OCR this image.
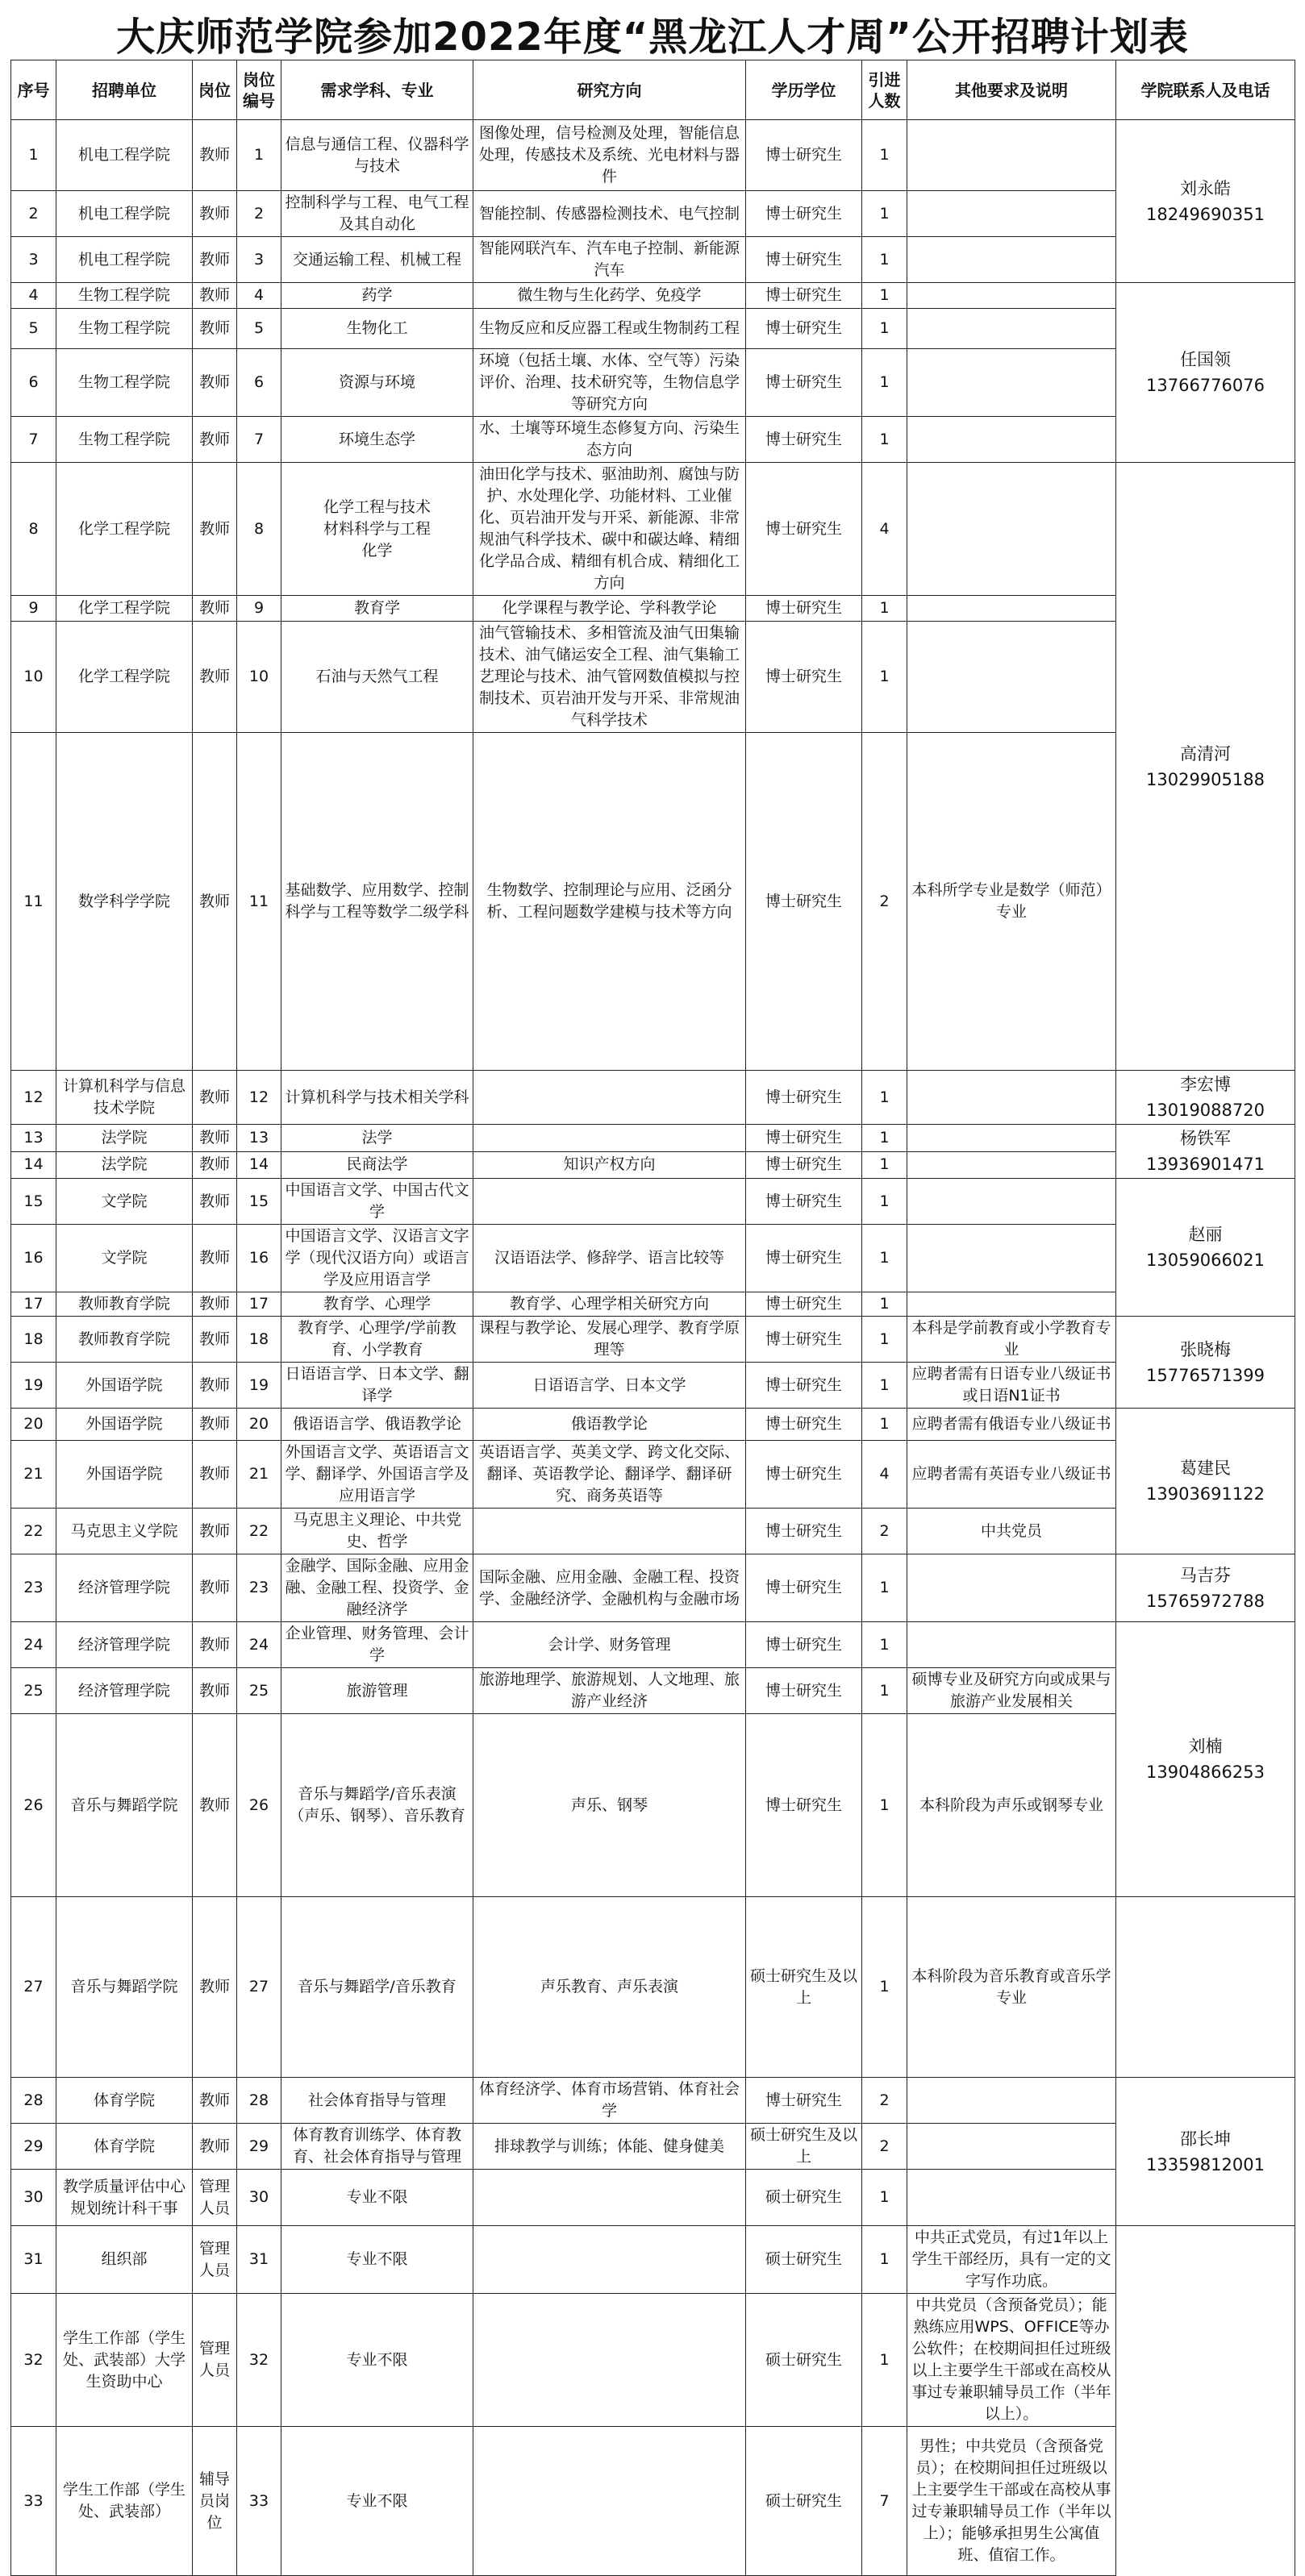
大庆师范学院参加2022年度“黑龙江人才周”公开招聘计划表
序号	招聘单位	岗位	岗位编号	需求学科、专业	研究方向	学历学位	引进人数	其他要求及说明	学院联系人及电话	
1	机电工程学院	教师	1	信息与通信工程、仪器科学与技术	图像处理，信号检测及处理，智能信息处理，传感技术及系统、光电材料与器件	博士研究生	1		刘永皓
18249690351	

2	机电工程学院	教师	2	控制科学与工程、电气工程及其自动化	智能控制、传感器检测技术、电气控制	博士研究生	1			
3	机电工程学院	教师	3	交通运输工程、机械工程	智能网联汽车、汽车电子控制、新能源汽车	博士研究生	1			
4	生物工程学院	教师	4	药学	微生物与生化药学、免疫学	博士研究生	1		任国领
13766776076	

5	生物工程学院	教师	5	生物化工	生物反应和反应器工程或生物制药工程	博士研究生	1			
6	生物工程学院	教师	6	资源与环境	环境（包括土壤、水体、空气等）污染评价、治理、技术研究等，生物信息学等研究方向	博士研究生	1			
7	生物工程学院	教师	7	环境生态学	水、土壤等环境生态修复方向、污染生态方向	博士研究生	1			
8	化学工程学院	教师	8	化学工程与技术
材料科学与工程
化学	油田化学与技术、驱油助剂、腐蚀与防护、水处理化学、功能材料、工业催化、页岩油开发与开采、新能源、非常规油气科学技术、碳中和碳达峰、精细化学品合成、精细有机合成、精细化工方向	博士研究生	4		高清河
13029905188	

9	化学工程学院	教师	9	教育学	化学课程与教学论、学科教学论	博士研究生	1			
10	化学工程学院	教师	10	石油与天然气工程	油气管输技术、多相管流及油气田集输技术、油气储运安全工程、油气集输工艺理论与技术、油气管网数值模拟与控制技术、页岩油开发与开采、非常规油气科学技术	博士研究生	1			
11	数学科学学院	教师	11	基础数学、应用数学、控制科学与工程等数学二级学科	生物数学、控制理论与应用、泛函分析、工程问题数学建模与技术等方向	博士研究生	2	本科所学专业是数学（师范）专业	

12	计算机科学与信息技术学院	教师	12	计算机科学与技术相关学科		博士研究生	1		李宏博
13019088720	

13	法学院	教师	13	法学		博士研究生	1		杨铁军
13936901471	

14	法学院	教师	14	民商法学	知识产权方向	博士研究生	1			
15	文学院	教师	15	中国语言文学、中国古代文学		博士研究生	1		赵丽
13059066021	

16	文学院	教师	16	中国语言文学、汉语言文字学（现代汉语方向）或语言学及应用语言学	汉语语法学、修辞学、语言比较等	博士研究生	1			
17	教师教育学院	教师	17	教育学、心理学	教育学、心理学相关研究方向	博士研究生	1			
18	教师教育学院	教师	18	教育学、心理学/学前教育、小学教育	课程与教学论、发展心理学、教育学原理等	博士研究生	1	本科是学前教育或小学教育专业	张晓梅
15776571399	

19	外国语学院	教师	19	日语语言学、日本文学、翻译学	日语语言学、日本文学	博士研究生	1	应聘者需有日语专业八级证书或日语N1证书		
20	外国语学院	教师	20	俄语语言学、俄语教学论	俄语教学论	博士研究生	1	应聘者需有俄语专业八级证书	葛建民
13903691122	

21	外国语学院	教师	21	外国语言文学、英语语言文学、翻译学、外国语言学及应用语言学	英语语言学、英美文学、跨文化交际、翻译、英语教学论、翻译学、翻译研究、商务英语等	博士研究生	4	应聘者需有英语专业八级证书		
22	马克思主义学院	教师	22	马克思主义理论、中共党史、哲学		博士研究生	2	中共党员		
23	经济管理学院	教师	23	金融学、国际金融、应用金融、金融工程、投资学、金融经济学	国际金融、应用金融、金融工程、投资学、金融经济学、金融机构与金融市场	博士研究生	1		马吉芬
15765972788	

24	经济管理学院	教师	24	企业管理、财务管理、会计学	会计学、财务管理	博士研究生	1		刘楠
13904866253	

25	经济管理学院	教师	25	旅游管理	旅游地理学、旅游规划、人文地理、旅游产业经济	博士研究生	1	硕博专业及研究方向或成果与旅游产业发展相关		
26	音乐与舞蹈学院	教师	26	音乐与舞蹈学/音乐表演（声乐、钢琴）、音乐教育	声乐、钢琴	博士研究生	1	本科阶段为声乐或钢琴专业	

27	音乐与舞蹈学院	教师	27	音乐与舞蹈学/音乐教育	声乐教育、声乐表演	硕士研究生及以上	1	本科阶段为音乐教育或音乐学专业		
28	体育学院	教师	28	社会体育指导与管理	体育经济学、体育市场营销、体育社会学	博士研究生	2		邵长坤
13359812001	

29	体育学院	教师	29	体育教育训练学、体育教育、社会体育指导与管理	排球教学与训练；体能、健身健美	硕士研究生及以上	2			
30	教学质量评估中心
规划统计科干事	管理人员	30	专业不限		硕士研究生	1		

31	组织部	管理人员	31	专业不限		硕士研究生	1	中共正式党员，有过1年以上学生干部经历，具有一定的文字写作功底。		
32	学生工作部（学生处、武装部）大学生资助中心	管理人员	32	专业不限		硕士研究生	1	中共党员（含预备党员）；能熟练应用WPS、OFFICE等办公软件；在校期间担任过班级以上主要学生干部或在高校从事过专兼职辅导员工作（半年以上）。		
33	学生工作部（学生处、武装部）	辅导员岗位	33	专业不限		硕士研究生	7	男性；中共党员（含预备党员）；在校期间担任过班级以上主要学生干部或在高校从事过专兼职辅导员工作（半年以上）；能够承担男生公寓值班、值宿工作。		
